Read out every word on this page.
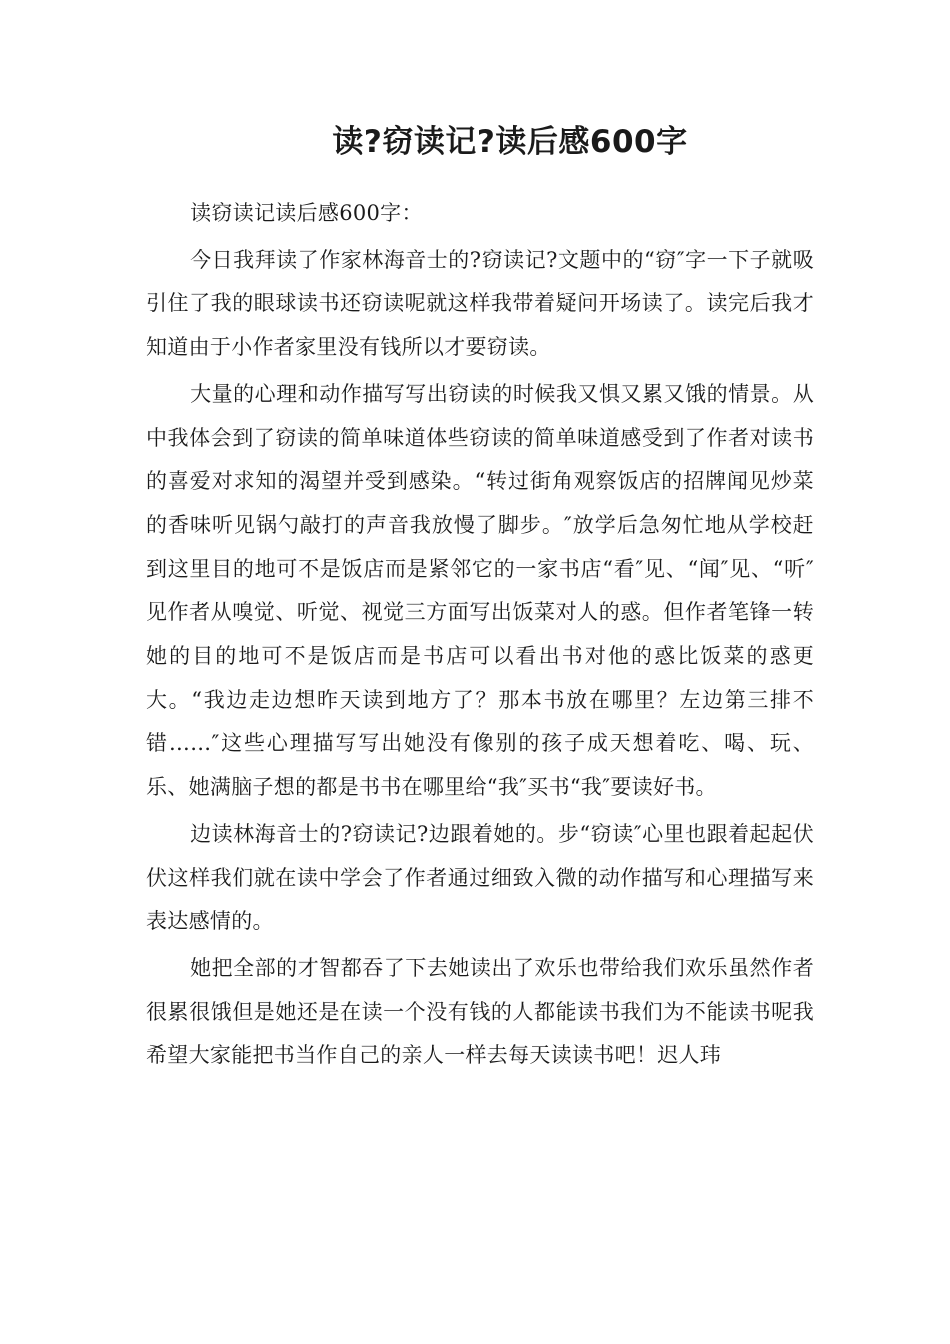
读?窃读记?读后感600字

读窃读记读后感600字：

今日我拜读了作家林海音士的?窃读记?文题中的“窃″字一下子就吸引住了我的眼球读书还窃读呢就这样我带着疑问开场读了。读完后我才知道由于小作者家里没有钱所以才要窃读。

大量的心理和动作描写写出窃读的时候我又惧又累又饿的情景。从中我体会到了窃读的简单味道体些窃读的简单味道感受到了作者对读书的喜爱对求知的渴望并受到感染。“转过街角观察饭店的招牌闻见炒菜的香味听见锅勺敲打的声音我放慢了脚步。″放学后急匆忙地从学校赶到这里目的地可不是饭店而是紧邻它的一家书店“看″见、“闻″见、“听″见作者从嗅觉、听觉、视觉三方面写出饭菜对人的惑。但作者笔锋一转她的目的地可不是饭店而是书店可以看出书对他的惑比饭菜的惑更大。“我边走边想昨天读到地方了？那本书放在哪里？左边第三排不错……″这些心理描写写出她没有像别的孩子成天想着吃、喝、玩、乐、她满脑子想的都是书书在哪里给“我″买书“我″要读好书。

边读林海音士的?窃读记?边跟着她的。步“窃读″心里也跟着起起伏伏这样我们就在读中学会了作者通过细致入微的动作描写和心理描写来表达感情的。

她把全部的才智都吞了下去她读出了欢乐也带给我们欢乐虽然作者很累很饿但是她还是在读一个没有钱的人都能读书我们为不能读书呢我希望大家能把书当作自己的亲人一样去每天读读书吧！迟人玮
